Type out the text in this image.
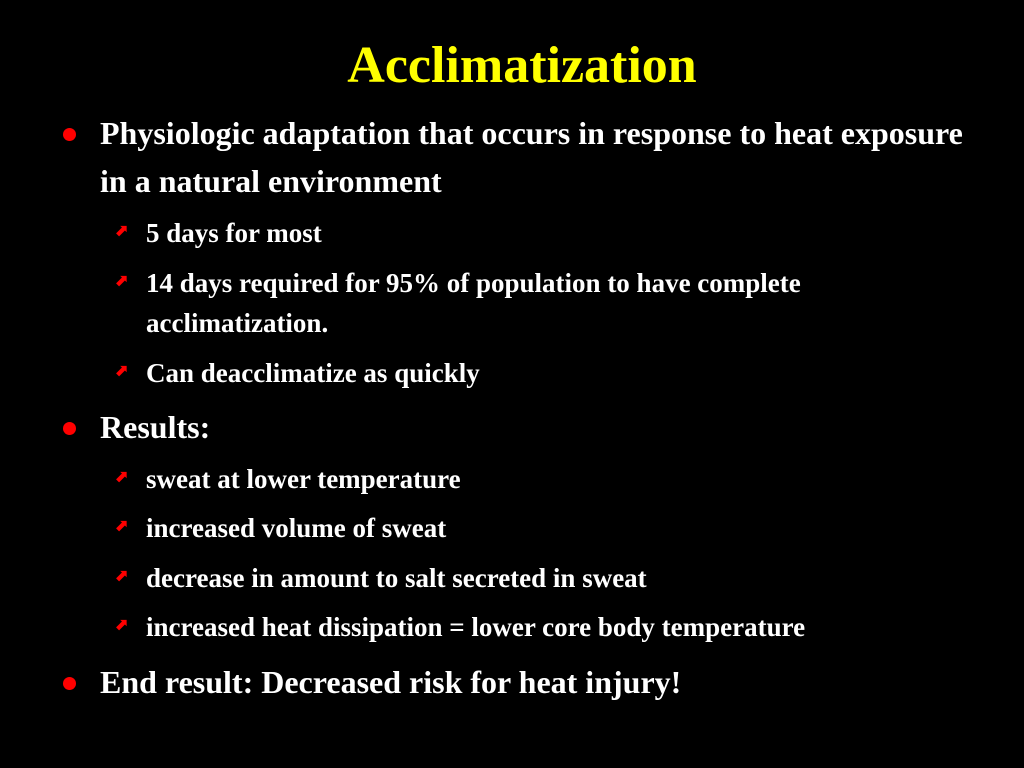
Acclimatization
Physiologic adaptation that occurs in response to heat exposure in a natural environment
⬈ 5 days for most
⬈ 14 days required for 95% of population to have complete acclimatization.
⬈ Can deacclimatize as quickly
Results:
⬈ sweat at lower temperature
⬈ increased volume of sweat
⬈ decrease in amount to salt secreted in sweat
⬈ increased heat dissipation = lower core body temperature
End result: Decreased risk for heat injury!
